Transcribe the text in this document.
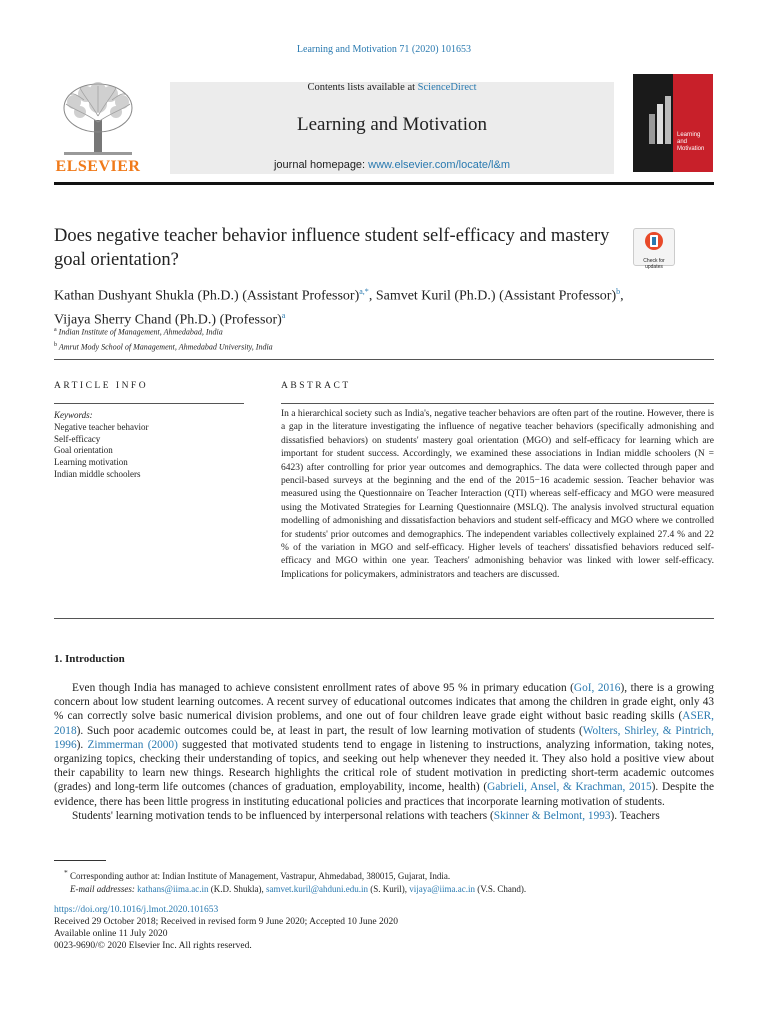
Learning and Motivation 71 (2020) 101653
ELSEVIER
Contents lists available at ScienceDirect
Learning and Motivation
journal homepage: www.elsevier.com/locate/l&m
Learning
and
Motivation
Does negative teacher behavior influence student self-efficacy and mastery goal orientation?	Check for
updates
Kathan Dushyant Shukla (Ph.D.) (Assistant Professor)$^{a,*}$, Samvet Kuril (Ph.D.) (Assistant Professor)$^b$, Vijaya Sherry Chand (Ph.D.) (Professor)$^a$
$^a$ Indian Institute of Management, Ahmedabad, India
$^b$ Amrut Mody School of Management, Ahmedabad University, India
ARTICLE INFO
Keywords:
Negative teacher behavior
Self-efficacy
Goal orientation
Learning motivation
Indian middle schoolers
ABSTRACT
In a hierarchical society such as India's, negative teacher behaviors are often part of the routine. However, there is a gap in the literature investigating the influence of negative teacher behaviors (specifically admonishing and dissatisfied behaviors) on students' mastery goal orientation (MGO) and self-efficacy for learning which are important for student success. Accordingly, we examined these associations in Indian middle schoolers (N = 6423) after controlling for prior year outcomes and demographics. The data were collected through paper and pencil-based surveys at the beginning and the end of the 2015−16 academic session. Teacher behavior was measured using the Questionnaire on Teacher Interaction (QTI) whereas self-efficacy and MGO were measured using the Motivated Strategies for Learning Questionnaire (MSLQ). The analysis involved structural equation modelling of admonishing and dissatisfaction behaviors and student self-efficacy and MGO where we controlled for students' prior outcomes and demographics. The independent variables collectively explained 27.4 % and 22 % of the variation in MGO and self-efficacy. Higher levels of teachers' dissatisfied behaviors reduced self-efficacy and MGO within one year. Teachers' admonishing behavior was linked with lower self-efficacy. Implications for policymakers, administrators and teachers are discussed.
1. Introduction

Even though India has managed to achieve consistent enrollment rates of above 95 % in primary education (GoI, 2016), there is a growing concern about low student learning outcomes. A recent survey of educational outcomes indicates that among the children in grade eight, only 43 % can correctly solve basic numerical division problems, and one out of four children leave grade eight without basic reading skills (ASER, 2018). Such poor academic outcomes could be, at least in part, the result of low learning motivation of students (Wolters, Shirley, & Pintrich, 1996). Zimmerman (2000) suggested that motivated students tend to engage in listening to instructions, analyzing information, taking notes, organizing topics, checking their understanding of topics, and seeking out help whenever they needed it. They also hold a positive view about their capability to learn new things. Research highlights the critical role of student motivation in predicting short-term academic outcomes (grades) and long-term life outcomes (chances of graduation, employability, income, health) (Gabrieli, Ansel, & Krachman, 2015). Despite the evidence, there has been little progress in instituting educational policies and practices that incorporate learning motivation of students.

Students' learning motivation tends to be influenced by interpersonal relations with teachers (Skinner & Belmont, 1993). Teachers

* Corresponding author at: Indian Institute of Management, Vastrapur, Ahmedabad, 380015, Gujarat, India.
E-mail addresses: kathans@iima.ac.in (K.D. Shukla), samvet.kuril@ahduni.edu.in (S. Kuril), vijaya@iima.ac.in (V.S. Chand).
https://doi.org/10.1016/j.lmot.2020.101653
Received 29 October 2018; Received in revised form 9 June 2020; Accepted 10 June 2020
Available online 11 July 2020
0023-9690/© 2020 Elsevier Inc. All rights reserved.
